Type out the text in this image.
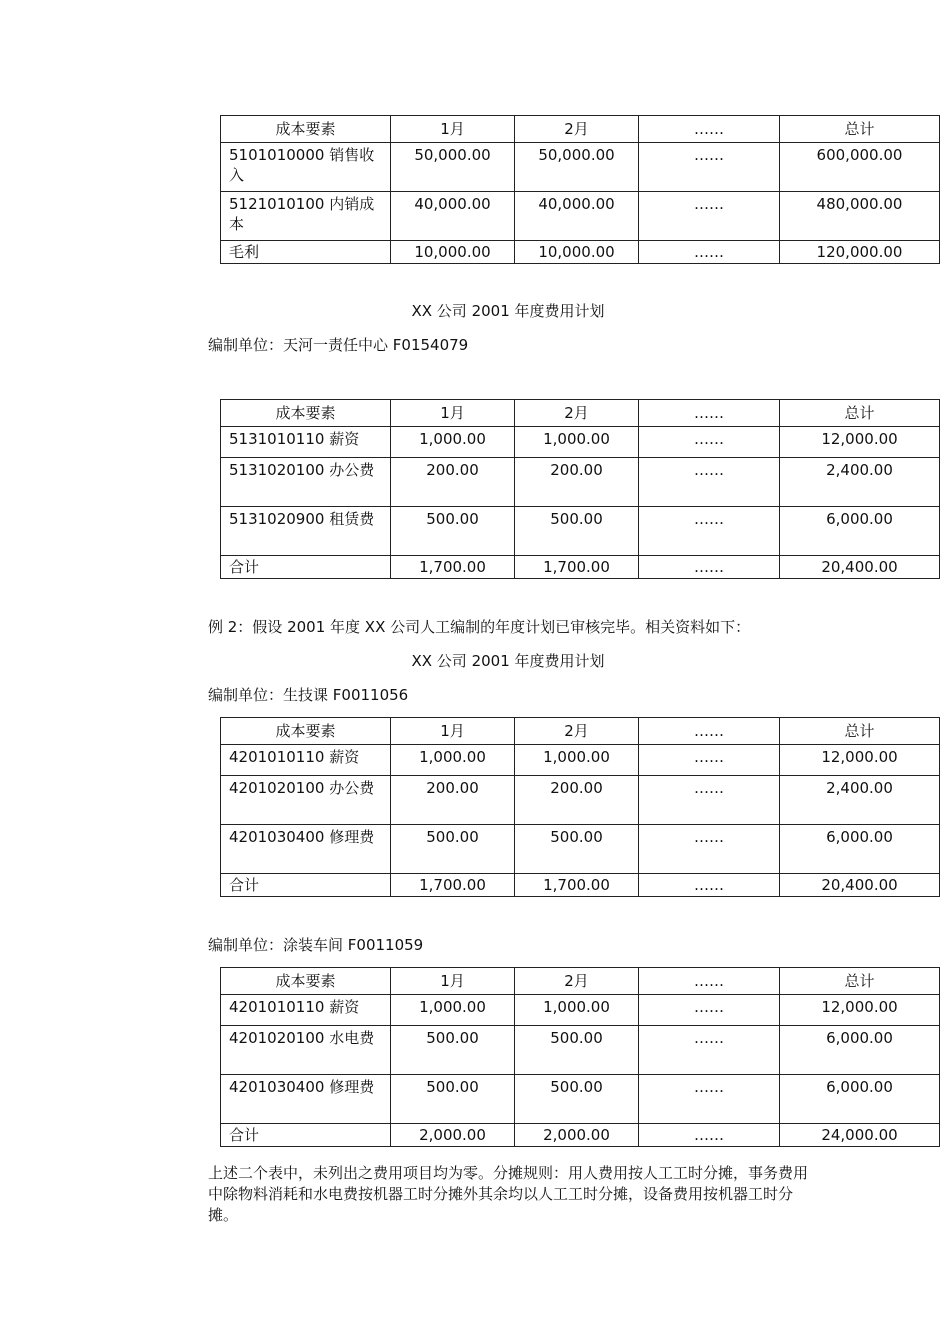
成本要素	1月	2月	……	总计
5101010000 销售收入	50,000.00	50,000.00	……	600,000.00
5121010100 内销成本	40,000.00	40,000.00	……	480,000.00
毛利	10,000.00	10,000.00	……	120,000.00
XX 公司 2001 年度费用计划
编制单位：天河一责任中心 F0154079
成本要素	1月	2月	……	总计
5131010110 薪资	1,000.00	1,000.00	……	12,000.00
5131020100 办公费	200.00	200.00	……	2,400.00
5131020900 租赁费	500.00	500.00	……	6,000.00
合计	1,700.00	1,700.00	……	20,400.00
例 2：假设 2001 年度 XX 公司人工编制的年度计划已审核完毕。相关资料如下：
XX 公司 2001 年度费用计划
编制单位：生技课 F0011056
成本要素	1月	2月	……	总计
4201010110 薪资	1,000.00	1,000.00	……	12,000.00
4201020100 办公费	200.00	200.00	……	2,400.00
4201030400 修理费	500.00	500.00	……	6,000.00
合计	1,700.00	1,700.00	……	20,400.00
编制单位：涂装车间 F0011059
成本要素	1月	2月	……	总计
4201010110 薪资	1,000.00	1,000.00	……	12,000.00
4201020100 水电费	500.00	500.00	……	6,000.00
4201030400 修理费	500.00	500.00	……	6,000.00
合计	2,000.00	2,000.00	……	24,000.00
上述二个表中，未列出之费用项目均为零。分摊规则：用人费用按人工工时分摊，事务费用中除物料消耗和水电费按机器工时分摊外其余均以人工工时分摊，设备费用按机器工时分摊。
